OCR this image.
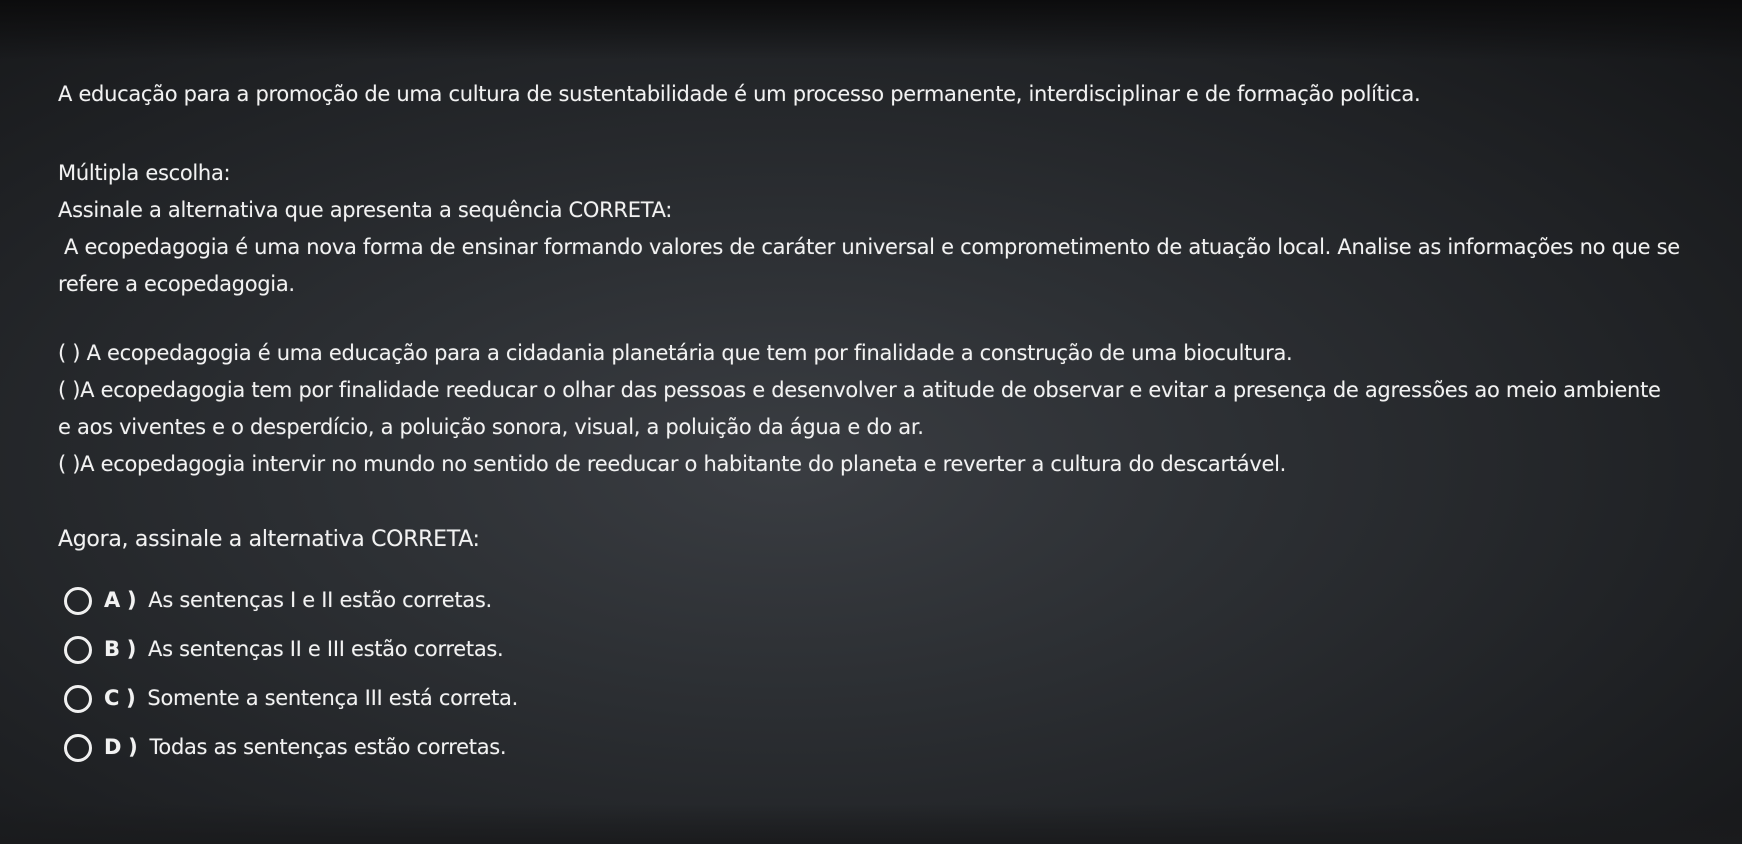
A educação para a promoção de uma cultura de sustentabilidade é um processo permanente, interdisciplinar e de formação política.

Múltipla escolha:

Assinale a alternativa que apresenta a sequência CORRETA:

A ecopedagogia é uma nova forma de ensinar formando valores de caráter universal e comprometimento de atuação local. Analise as informações no que se

refere a ecopedagogia.

( ) A ecopedagogia é uma educação para a cidadania planetária que tem por finalidade a construção de uma biocultura.

( )A ecopedagogia tem por finalidade reeducar o olhar das pessoas e desenvolver a atitude de observar e evitar a presença de agressões ao meio ambiente

e aos viventes e o desperdício, a poluição sonora, visual, a poluição da água e do ar.

( )A ecopedagogia intervir no mundo no sentido de reeducar o habitante do planeta e reverter a cultura do descartável.

Agora, assinale a alternativa CORRETA:

A ) As sentenças I e II estão corretas.
B ) As sentenças II e III estão corretas.
C ) Somente a sentença III está correta.
D ) Todas as sentenças estão corretas.
